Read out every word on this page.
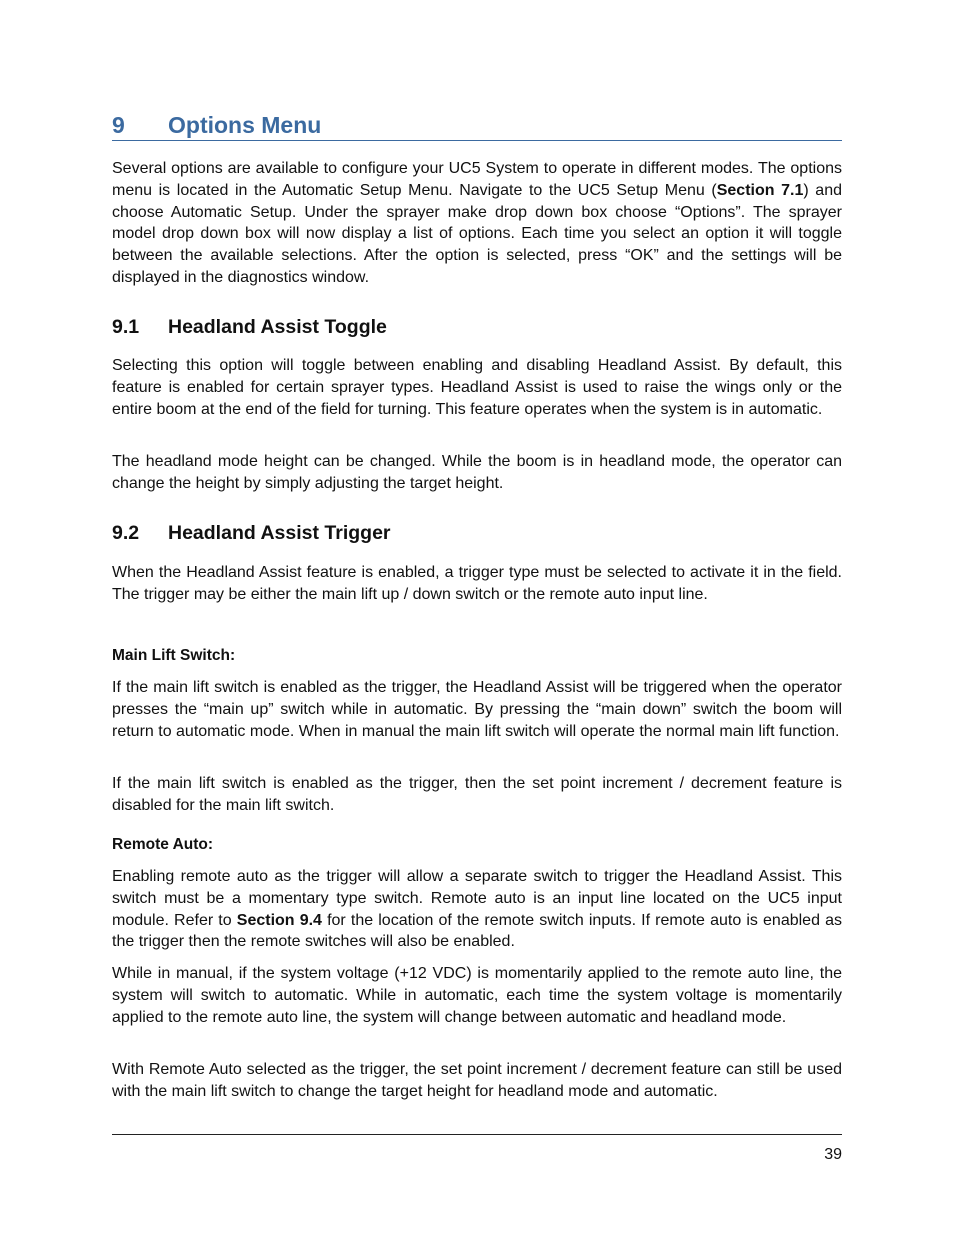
9 Options Menu

Several options are available to configure your UC5 System to operate in different modes. The options menu is located in the Automatic Setup Menu. Navigate to the UC5 Setup Menu (Section 7.1) and choose Automatic Setup. Under the sprayer make drop down box choose “Options”. The sprayer model drop down box will now display a list of options. Each time you select an option it will toggle between the available selections. After the option is selected, press “OK” and the settings will be displayed in the diagnostics window.

9.1 Headland Assist Toggle

Selecting this option will toggle between enabling and disabling Headland Assist. By default, this feature is enabled for certain sprayer types. Headland Assist is used to raise the wings only or the entire boom at the end of the field for turning. This feature operates when the system is in automatic.

The headland mode height can be changed. While the boom is in headland mode, the operator can change the height by simply adjusting the target height.

9.2 Headland Assist Trigger

When the Headland Assist feature is enabled, a trigger type must be selected to activate it in the field. The trigger may be either the main lift up / down switch or the remote auto input line.

Main Lift Switch:

If the main lift switch is enabled as the trigger, the Headland Assist will be triggered when the operator presses the “main up” switch while in automatic. By pressing the “main down” switch the boom will return to automatic mode. When in manual the main lift switch will operate the normal main lift function.

If the main lift switch is enabled as the trigger, then the set point increment / decrement feature is disabled for the main lift switch.

Remote Auto:

Enabling remote auto as the trigger will allow a separate switch to trigger the Headland Assist. This switch must be a momentary type switch. Remote auto is an input line located on the UC5 input module. Refer to Section 9.4 for the location of the remote switch inputs. If remote auto is enabled as the trigger then the remote switches will also be enabled.

While in manual, if the system voltage (+12 VDC) is momentarily applied to the remote auto line, the system will switch to automatic. While in automatic, each time the system voltage is momentarily applied to the remote auto line, the system will change between automatic and headland mode.

With Remote Auto selected as the trigger, the set point increment / decrement feature can still be used with the main lift switch to change the target height for headland mode and automatic.

39
